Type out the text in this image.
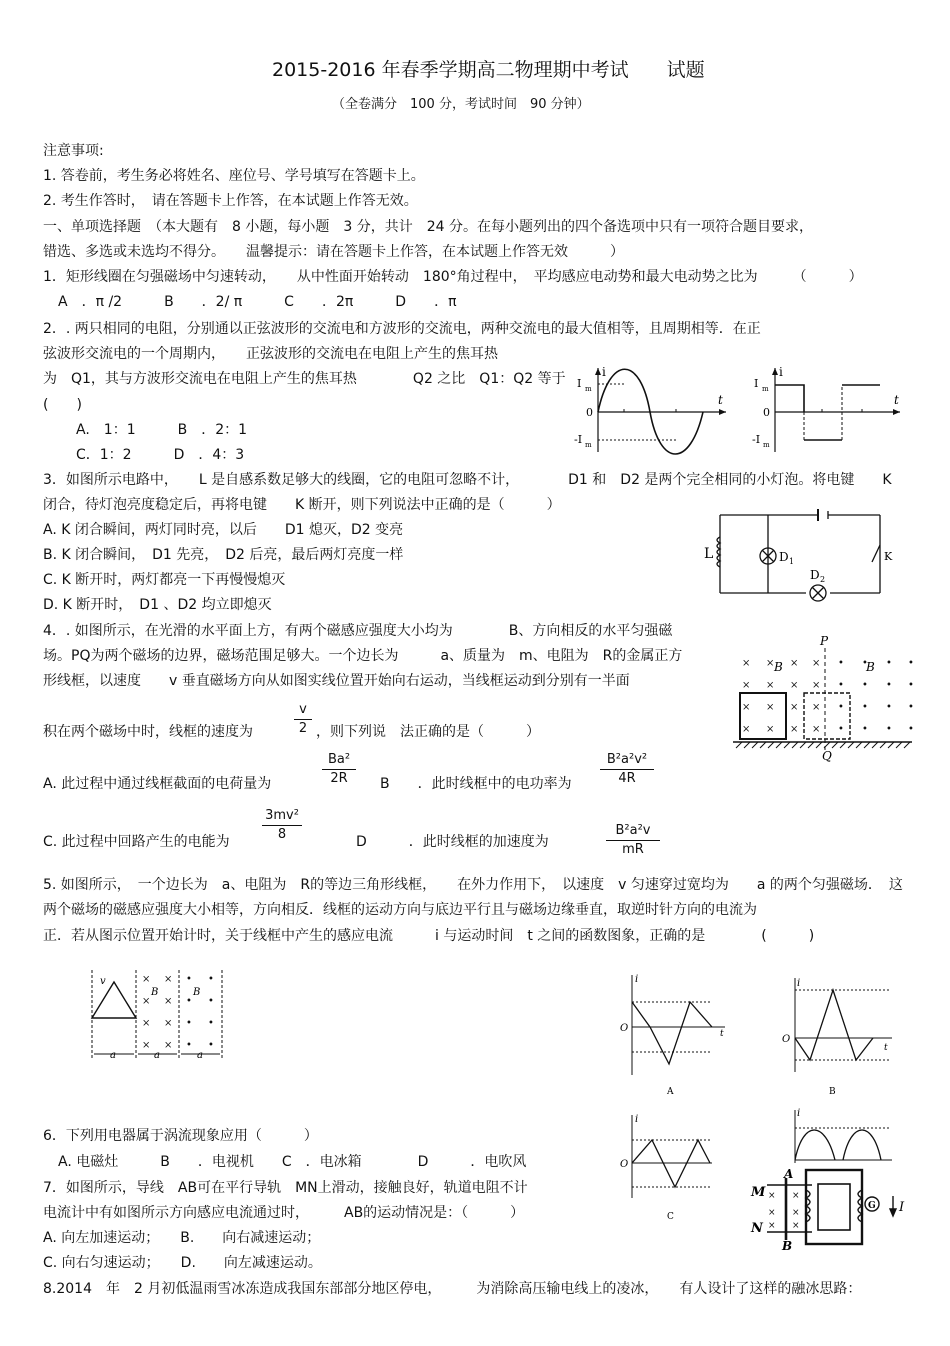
2015-2016 年春季学期高二物理期中考试　　试题
（全卷满分　100 分，考试时间　90 分钟）
注意事项:
1. 答卷前，考生务必将姓名、座位号、学号填写在答题卡上。
2. 考生作答时，　请在答题卡上作答，在本试题上作答无效。
一、单项选择题　（本大题有　8 小题，每小题　3 分，共计　24 分。在每小题列出的四个备选项中只有一项符合题目要求，
错选、多选或未选均不得分。　　温馨提示：请在答题卡上作答，在本试题上作答无效　　　）
1．矩形线圈在匀强磁场中匀速转动，　　从中性面开始转动　180°角过程中，　平均感应电动势和最大电动势之比为　　　（　　　）
A　．π /2　　　B　　．2/ π　　　C　　．2π　　　D　　．π
2．. 两只相同的电阻，分别通以正弦波形的交流电和方波形的交流电，两种交流电的最大值相等，且周期相等．在正
弦波形交流电的一个周期内，　　正弦波形的交流电在电阻上产生的焦耳热
为　Q1，其与方波形交流电在电阻上产生的焦耳热　　　　Q2 之比　Q1：Q2 等于
(　　)
A.　1：1　　　B　．2：1
C．1：2　　　D　．4：3
i
t
0
I m
-I m
i
t
0
I m
-I m
3．如图所示电路中，　　L 是自感系数足够大的线圈，它的电阻可忽略不计，　　　　D1 和　D2 是两个完全相同的小灯泡。将电键　　K
闭合，待灯泡亮度稳定后，再将电键　　K 断开，则下列说法中正确的是（　　　）
A. K 闭合瞬间，两灯同时亮，以后　　D1 熄灭，D2 变亮
B. K 闭合瞬间，　D1 先亮，　D2 后亮，最后两灯亮度一样
C. K 断开时，两灯都亮一下再慢慢熄灭
D. K 断开时，　D1 、D2 均立即熄灭
L	D 1
D 2
K
4．. 如图所示，在光滑的水平面上方，有两个磁感应强度大小均为　　　　B、方向相反的水平匀强磁
场。PQ为两个磁场的边界，磁场范围足够大。一个边长为　　　a、质量为　m、电阻为　R的金属正方
形线框，以速度　　v 垂直磁场方向从如图实线位置开始向右运动，当线框运动到分别有一半面
积在两个磁场中时，线框的速度为
v
2 ，则下列说　法正确的是（　　　）
A. 此过程中通过线框截面的电荷量为
Ba²
2R	B　　．此时线框中的电功率为
B²a²v²
4R
C. 此过程中回路产生的电能为
3mv²
8	D　　　．此时线框的加速度为
B²a²v
mR
× × × × • • • •
× × × × • • • •
× × × × • • • •
× × × × • • • •
P
Q
B	B
5. 如图所示，　一个边长为　a、电阻为　R的等边三角形线框，　　在外力作用下，　以速度　v 匀速穿过宽均为　　a 的两个匀强磁场．　这
两个磁场的磁感应强度大小相等，方向相反．线框的运动方向与底边平行且与磁场边缘垂直，取逆时针方向的电流为
正．若从图示位置开始计时，关于线框中产生的感应电流　　　i 与运动时间　t 之间的函数图象，正确的是　　　　(　　　)
× × • •
× × • •
× × • •
× × • •
v
B	B
a	a	a
i
O	t
A
i
O
t
B
i
O
C
i
6．下列用电器属于涡流现象应用（　　　）
A. 电磁灶　　　B　　．电视机　　C　．电冰箱　　　　D　　　．电吹风
7．如图所示，导线　AB可在平行导轨　MN上滑动，接触良好，轨道电阻不计
电流计中有如图所示方向感应电流通过时，　　　AB的运动情况是：（　　　）
A. 向左加速运动；　　B.　　向右减速运动；
C. 向右匀速运动；　　D.　　向左减速运动。
×
×
×
×
×
×
A
B
M
N
G I
8.2014　年　2 月初低温雨雪冰冻造成我国东部部分地区停电，　　　为消除高压输电线上的凌冰，　　有人设计了这样的融冰思路：
